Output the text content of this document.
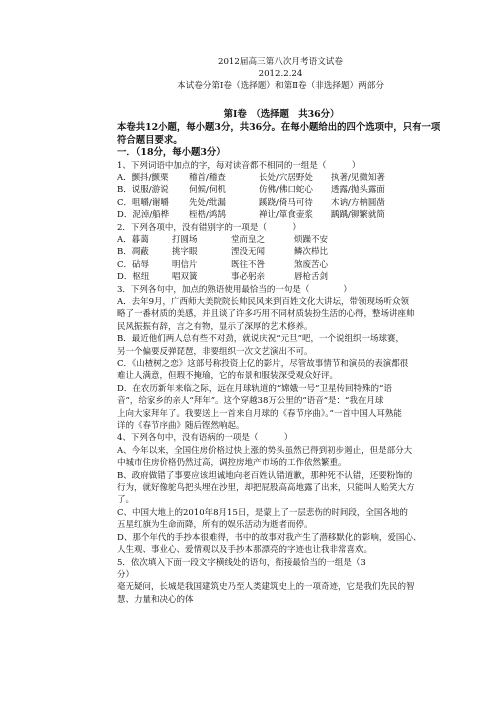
2012届高三第八次月考语文试卷
2012.2.24
本试卷分第Ⅰ卷（选择题）和第Ⅱ卷（非选择题）两部分
第Ⅰ卷　（选择题　共36分）
本卷共12小题，每小题3分，共36分。在每小题给出的四个选项中，只有一项符合题目要求。
一．（18分，每小题3分）
1、下列词语中加点的字，每对读音都不相同的一组是（　　　）
A．颤抖/颤栗	稽首/稽查	长处/穴居野处	执著/见微知著
B．说服/游说	伺候/伺机	仿佛/佛口蛇心	透露/抛头露面
C．咀嚼/谢嚼	先处/纰漏	蹊跷/倚马可待	木讷/方枘圆凿
D．泥淖/船桦	桎梏/鸿鹄	禅让/箪食壶浆	踽踽/铆繁就简
2．下列各项中，没有错别字的一项是（　　　）
A．暮蔼	打圆场	堂而皇之	烦躁不安
B．凋蔽	挑字眼	湮没无闻	鳞次栉比
C．砧辱	明信片	既往不咎	煞废苦心
D．枢纽	唱双簧	事必躬亲	唇枪舌剑
3．下列各句中，加点的熟语使用最恰当的一句是（　　　　）
A．去年9月，广西师大美院院长帅民风来到百姓文化大讲坛，带领现场听众领
略了一番材质的美感，并且谈了许多巧用不同材质装扮生活的心得，整场讲座帅
民风振振有辞，言之有物，显示了深厚的艺术修养。
B．最近他们两人总有些不对劲，就说庆祝“元旦”吧，一个说组织一场球赛，
另一个偏要反弹琵琶，非要组织一次文艺演出不可。
C．《山楂树之恋》这部号称投资上亿的影片，尽管故事情节和演员的表演都很
难让人满意，但瑕不掩瑜，它的布景和服装深受观众好评。
D．在农历新年来临之际，远在月球轨道的“嫦娥一号”卫星传回特殊的“语
音”，给家乡的亲人“拜年”。这个穿越38万公里的“语音”是：“我在月球
上向大家拜年了。我要送上一首来自月球的《春节序曲》。”一首中国人耳熟能
详的《春节序曲》随后铿然响起。
4、下列各句中，没有语病的一项是（　　　）
A、今年以来，全国住房价格过快上涨的势头虽然已得到初步遏止，但是部分大
中城市住房价格仍然过高，调控房地产市场的工作依然繁重。
B、政府做错了事要应该坦诚地向老百姓认错道歉，那种死不认错，还要粉饰的
行为，就好像鸵鸟把头埋在沙里，却把屁股高高地露了出来，只能叫人贻笑大方
了。
C、中国大地上的2010年8月15日，是蒙上了一层悲伤的时间段，全国各地的
五星红旗为生命而降，所有的娱乐活动为逝者而停。
D、那个年代的手抄本很难得，书中的故事对我产生了潜移默化的影响，爱国心、
人生观、事业心、爱情观以及手抄本那漂亮的字迹也让我非常喜欢。
5．依次填入下面一段文字横线处的语句，衔接最恰当的一组是（3
分）
毫无疑问，长城是我国建筑史乃至人类建筑史上的一项奇迹，它是我们先民的智
慧、力量和决心的体
